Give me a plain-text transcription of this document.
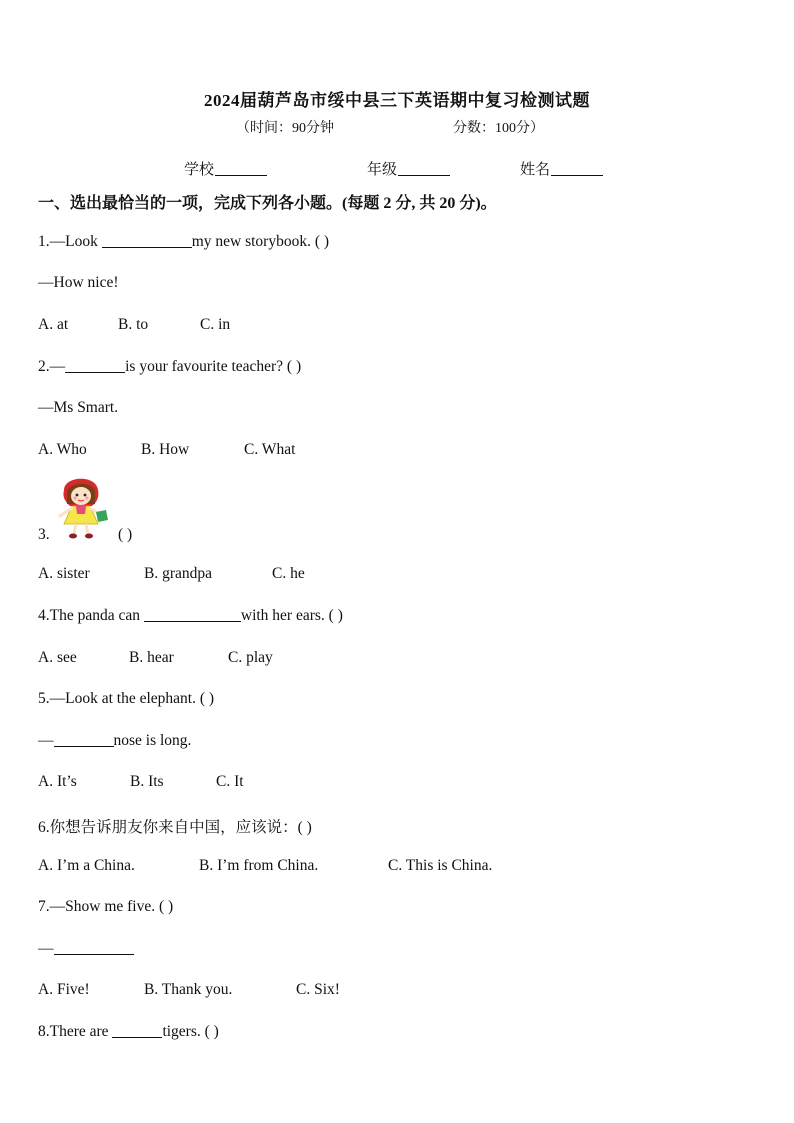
2024届葫芦岛市绥中县三下英语期中复习检测试题
（时间：90分钟	分数：100分）
学校	年级	姓名
一、选出最恰当的一项，完成下列各小题。(每题 2 分, 共 20 分)。
1.—Look	my new storybook. ( )
—How nice!
A. at	B. to	C. in
2.—	is your favourite teacher? ( )
—Ms Smart.
A. Who	B. How	C. What
3.	( )
A. sister	B. grandpa	C. he
4.The panda can	with her ears. ( )
A. see	B. hear	C. play
5.—Look at the elephant. ( )
—	nose is long.
A. It’s	B. Its	C. It
6.你想告诉朋友你来自中国，应该说：( )
A. I’m a China.	B. I’m from China.	C. This is China.
7.—Show me five. ( )
—
A. Five!	B. Thank you.	C. Six!
8.There are	tigers. ( )
